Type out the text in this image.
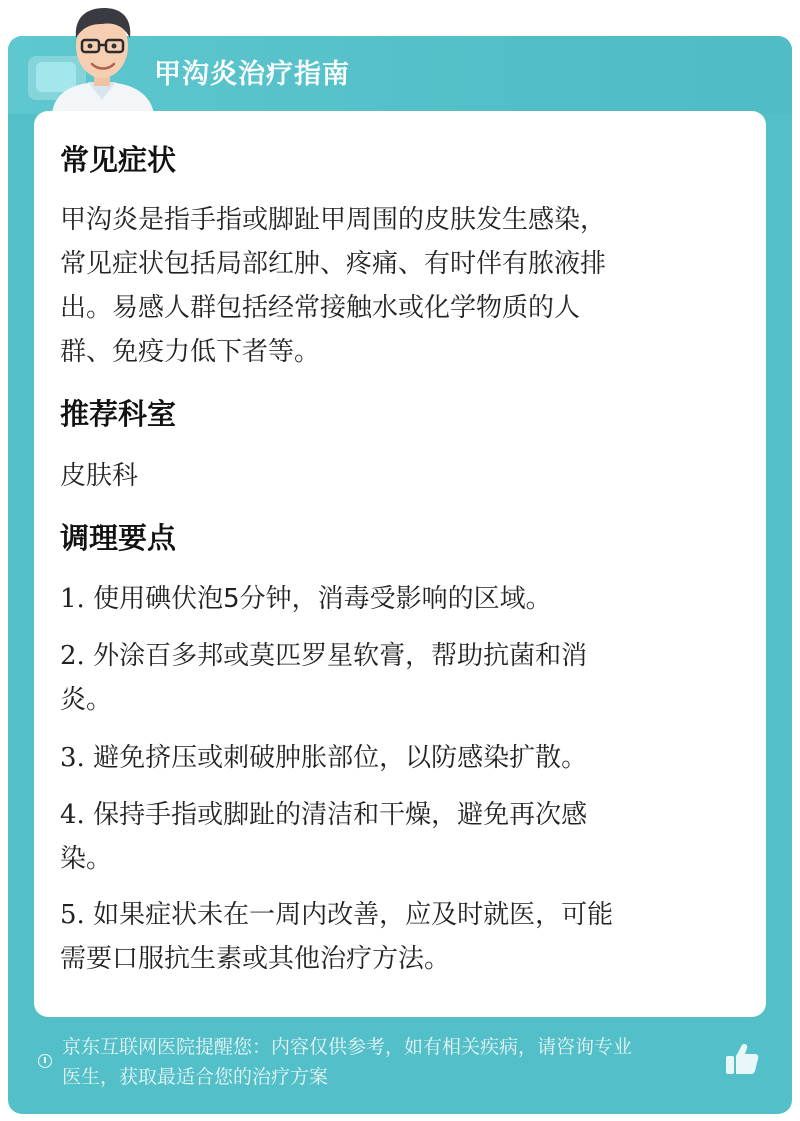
甲沟炎治疗指南
常见症状
甲沟炎是指手指或脚趾甲周围的皮肤发生感染，
常见症状包括局部红肿、疼痛、有时伴有脓液排
出。易感人群包括经常接触水或化学物质的人
群、免疫力低下者等。
推荐科室
皮肤科
调理要点
1. 使用碘伏泡5分钟，消毒受影响的区域。
2. 外涂百多邦或莫匹罗星软膏，帮助抗菌和消
炎。
3. 避免挤压或刺破肿胀部位，以防感染扩散。
4. 保持手指或脚趾的清洁和干燥，避免再次感
染。
5. 如果症状未在一周内改善，应及时就医，可能
需要口服抗生素或其他治疗方法。
京东互联网医院提醒您：内容仅供参考，如有相关疾病，请咨询专业
医生，获取最适合您的治疗方案
